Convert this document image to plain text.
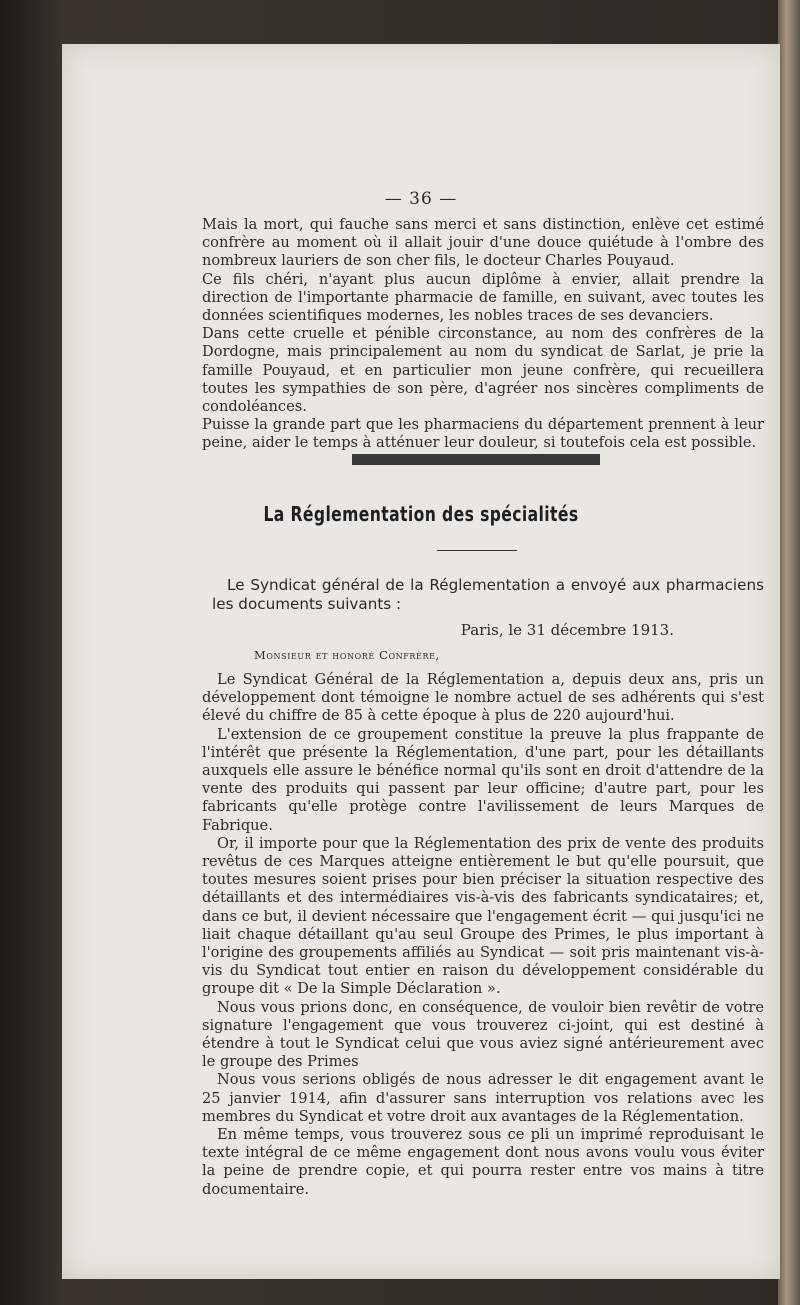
— 36 —

Mais la mort, qui fauche sans merci et sans distinction, enlève cet estimé confrère au moment où il allait jouir d'une douce quiétude à l'ombre des nombreux lauriers de son cher fils, le docteur Charles Pouyaud.

Ce fils chéri, n'ayant plus aucun diplôme à envier, allait prendre la direction de l'importante pharmacie de famille, en suivant, avec toutes les données scientifiques modernes, les nobles traces de ses devanciers.

Dans cette cruelle et pénible circonstance, au nom des confrères de la Dordogne, mais principalement au nom du syndicat de Sarlat, je prie la famille Pouyaud, et en particulier mon jeune confrère, qui recueillera toutes les sympathies de son père, d'agréer nos sincères compliments de condoléances.

Puisse la grande part que les pharmaciens du département prennent à leur peine, aider le temps à atténuer leur douleur, si toutefois cela est possible.

La Réglementation des spécialités

Le Syndicat général de la Réglementation a envoyé aux pharmaciens les documents suivants :

Paris, le 31 décembre 1913.
Monsieur et honoré Confrère,

Le Syndicat Général de la Réglementation a, depuis deux ans, pris un développement dont témoigne le nombre actuel de ses adhérents qui s'est élevé du chiffre de 85 à cette époque à plus de 220 aujourd'hui.

L'extension de ce groupement constitue la preuve la plus frappante de l'intérêt que présente la Réglementation, d'une part, pour les détaillants auxquels elle assure le bénéfice normal qu'ils sont en droit d'attendre de la vente des produits qui passent par leur officine; d'autre part, pour les fabricants qu'elle protège contre l'avilissement de leurs Marques de Fabrique.

Or, il importe pour que la Réglementation des prix de vente des produits revêtus de ces Marques atteigne entièrement le but qu'elle poursuit, que toutes mesures soient prises pour bien préciser la situation respective des détaillants et des intermédiaires vis-à-vis des fabricants syndicataires; et, dans ce but, il devient nécessaire que l'engagement écrit — qui jusqu'ici ne liait chaque détaillant qu'au seul Groupe des Primes, le plus important à l'origine des groupements affiliés au Syndicat — soit pris maintenant vis-à-vis du Syndicat tout entier en raison du développement considérable du groupe dit « De la Simple Déclaration ».

Nous vous prions donc, en conséquence, de vouloir bien revêtir de votre signature l'engagement que vous trouverez ci-joint, qui est destiné à étendre à tout le Syndicat celui que vous aviez signé antérieurement avec le groupe des Primes

Nous vous serions obligés de nous adresser le dit engagement avant le 25 janvier 1914, afin d'assurer sans interruption vos relations avec les membres du Syndicat et votre droit aux avantages de la Réglementation.

En même temps, vous trouverez sous ce pli un imprimé reproduisant le texte intégral de ce même engagement dont nous avons voulu vous éviter la peine de prendre copie, et qui pourra rester entre vos mains à titre documentaire.
